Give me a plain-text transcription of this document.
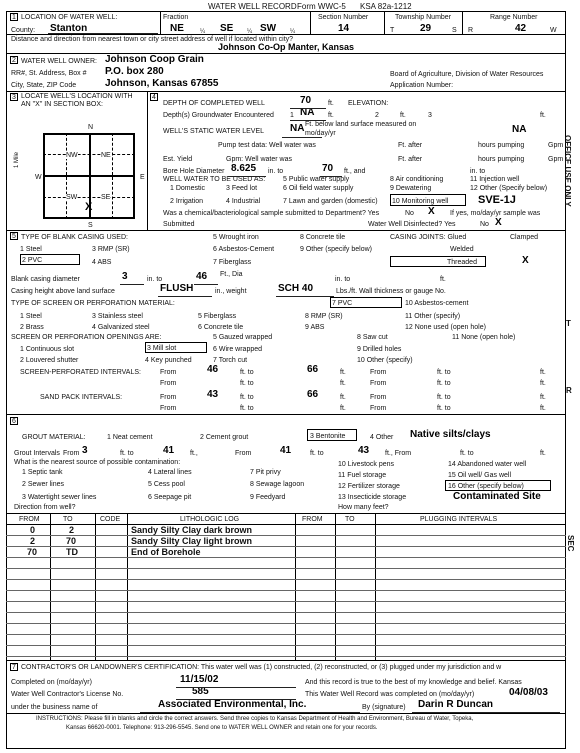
WATER WELL RECORD Form WWC-5 KSA 82a-1212
1 LOCATION OF WATER WELL:
County: Stanton
Fraction
NE	¼ SE ¼ SW ¼
Section Number
14
Township Number
T	29	S
Range Number
R	42	W
Distance and direction from nearest town or city street address of well if located within city?
Johnson Co-Op Manter, Kansas
2 WATER WELL OWNER: Johnson Coop Grain
RR#, St. Address, Box # P.O. box 280
City, State, ZIP Code	Johnson, Kansas 67855
Board of Agriculture, Division of Water Resources
Application Number:
3 LOCATE WELL'S LOCATION WITH AN "X" IN SECTION BOX:
N
S
W	E
1 Mile	NW	NE
SW	SE
X
4
DEPTH OF COMPLETED WELL	70 ft. ELEVATION:
Depth(s) Groundwater Encountered 1 NA ft.	2	ft.	3	ft.
Ft. below land surface measured on
WELL'S STATIC WATER LEVEL	NA mo/day/yr	NA
Pump test data: Well water was	Ft. after	hours pumping	Gpm
Est. Yield	Gpm: Well water was	Ft. after	hours pumping	Gpm
Bore Hole Diameter 8.625 in. to	70 ft., and	in. to
WELL WATER TO BE USED AS:	5 Public water supply	8 Air conditioning	11 Injection well
1 Domestic	3 Feed lot	6 Oil field water supply	9 Dewatering	12 Other (Specify below)
2 Irrigation	4 Industrial	7 Lawn and garden (domestic) 10 Monitoring well	SVE-1J
Was a chemical/bacteriological sample submitted to Department? Yes	No X If yes, mo/day/yr sample was
Submitted	Water Well Disinfected? Yes	No X
5 TYPE OF BLANK CASING USED:
1 Steel	3 RMP (SR)
4 ABS
5 Wrought iron
6 Asbestos-Cement
7 Fiberglass
8 Concrete tile
9 Other (specify below)
2 PVC
CASING JOINTS: Glued	Clamped
Welded
Threaded	X
Blank casing diameter	3	in. to	46 Ft., Dia
in. to	ft.
Casing height above land surface	FLUSH	in., weight	SCH 40	Lbs./ft. Wall thickness or gauge No.
TYPE OF SCREEN OR PERFORATION MATERIAL:	7 PVC	10 Asbestos-cement
1 Steel	3 Stainless steel	5 Fiberglass	8 RMP (SR)	11 Other (specify)
2 Brass	4 Galvanized steel	6 Concrete tile	9 ABS	12 None used (open hole)
SCREEN OR PERFORATION OPENINGS ARE:	5 Gauzed wrapped	8 Saw cut	11 None (open hole)
1 Continuous slot	3 Mill slot	6 Wire wrapped	9 Drilled holes
2 Louvered shutter	4 Key punched	7 Torch cut	10 Other (specify)
SCREEN-PERFORATED INTERVALS:	From	46	ft. to	66	ft.	From	ft. to	ft.
From	ft. to	ft.	From	ft. to	ft.
SAND PACK INTERVALS:	From	43	ft. to	66	ft.	From	ft. to	ft.
From	ft. to	ft.	From	ft. to	ft.
6
GROUT MATERIAL:	1 Neat cement	2 Cement grout	3 Bentonite	4 Other Native silts/clays
Grout Intervals From 3	ft. to	41 ft.,	From	41	ft. to	43 ft., From	ft. to	ft.
What is the nearest source of possible contamination:
1 Septic tank
2 Sewer lines
3 Watertight sewer lines
4 Lateral lines
5 Cess pool
6 Seepage pit
7 Pit privy
8 Sewage lagoon
9 Feedyard
10 Livestock pens
11 Fuel storage
12 Fertilizer storage
13 Insecticide storage
14 Abandoned water well
15 Oil well/ Gas well
16 Other (specify below)
Contaminated Site
Direction from well?	How many feet?
FROM	TO	CODE	LITHOLOGIC LOG	FROM	TO	PLUGGING INTERVALS
0	2	Sandy Silty Clay dark brown
2	70	Sandy Silty Clay light brown
70	TD	End of Borehole
7 CONTRACTOR'S OR LANDOWNER'S CERTIFICATION: This water well was (1) constructed, (2) reconstructed, or (3) plugged under my jurisdiction and w
Completed on (mo/day/yr)	11/15/02	And this record is true to the best of my knowledge and belief. Kansas
Water Well Contractor's License No.	585	This Water Well Record was completed on (mo/day/yr)	04/08/03
under the business name of	Associated Environmental, Inc.	By (signature) Darin R Duncan
INSTRUCTIONS: Please fill in blanks and circle the correct answers. Send three copies to Kansas Department of Health and Environment, Bureau of Water, Topeka,
Kansas 66620-0001. Telephone: 913-296-5545. Send one to WATER WELL OWNER and retain one for your records.
OFFICE USE ONLY
T
R
SEC
